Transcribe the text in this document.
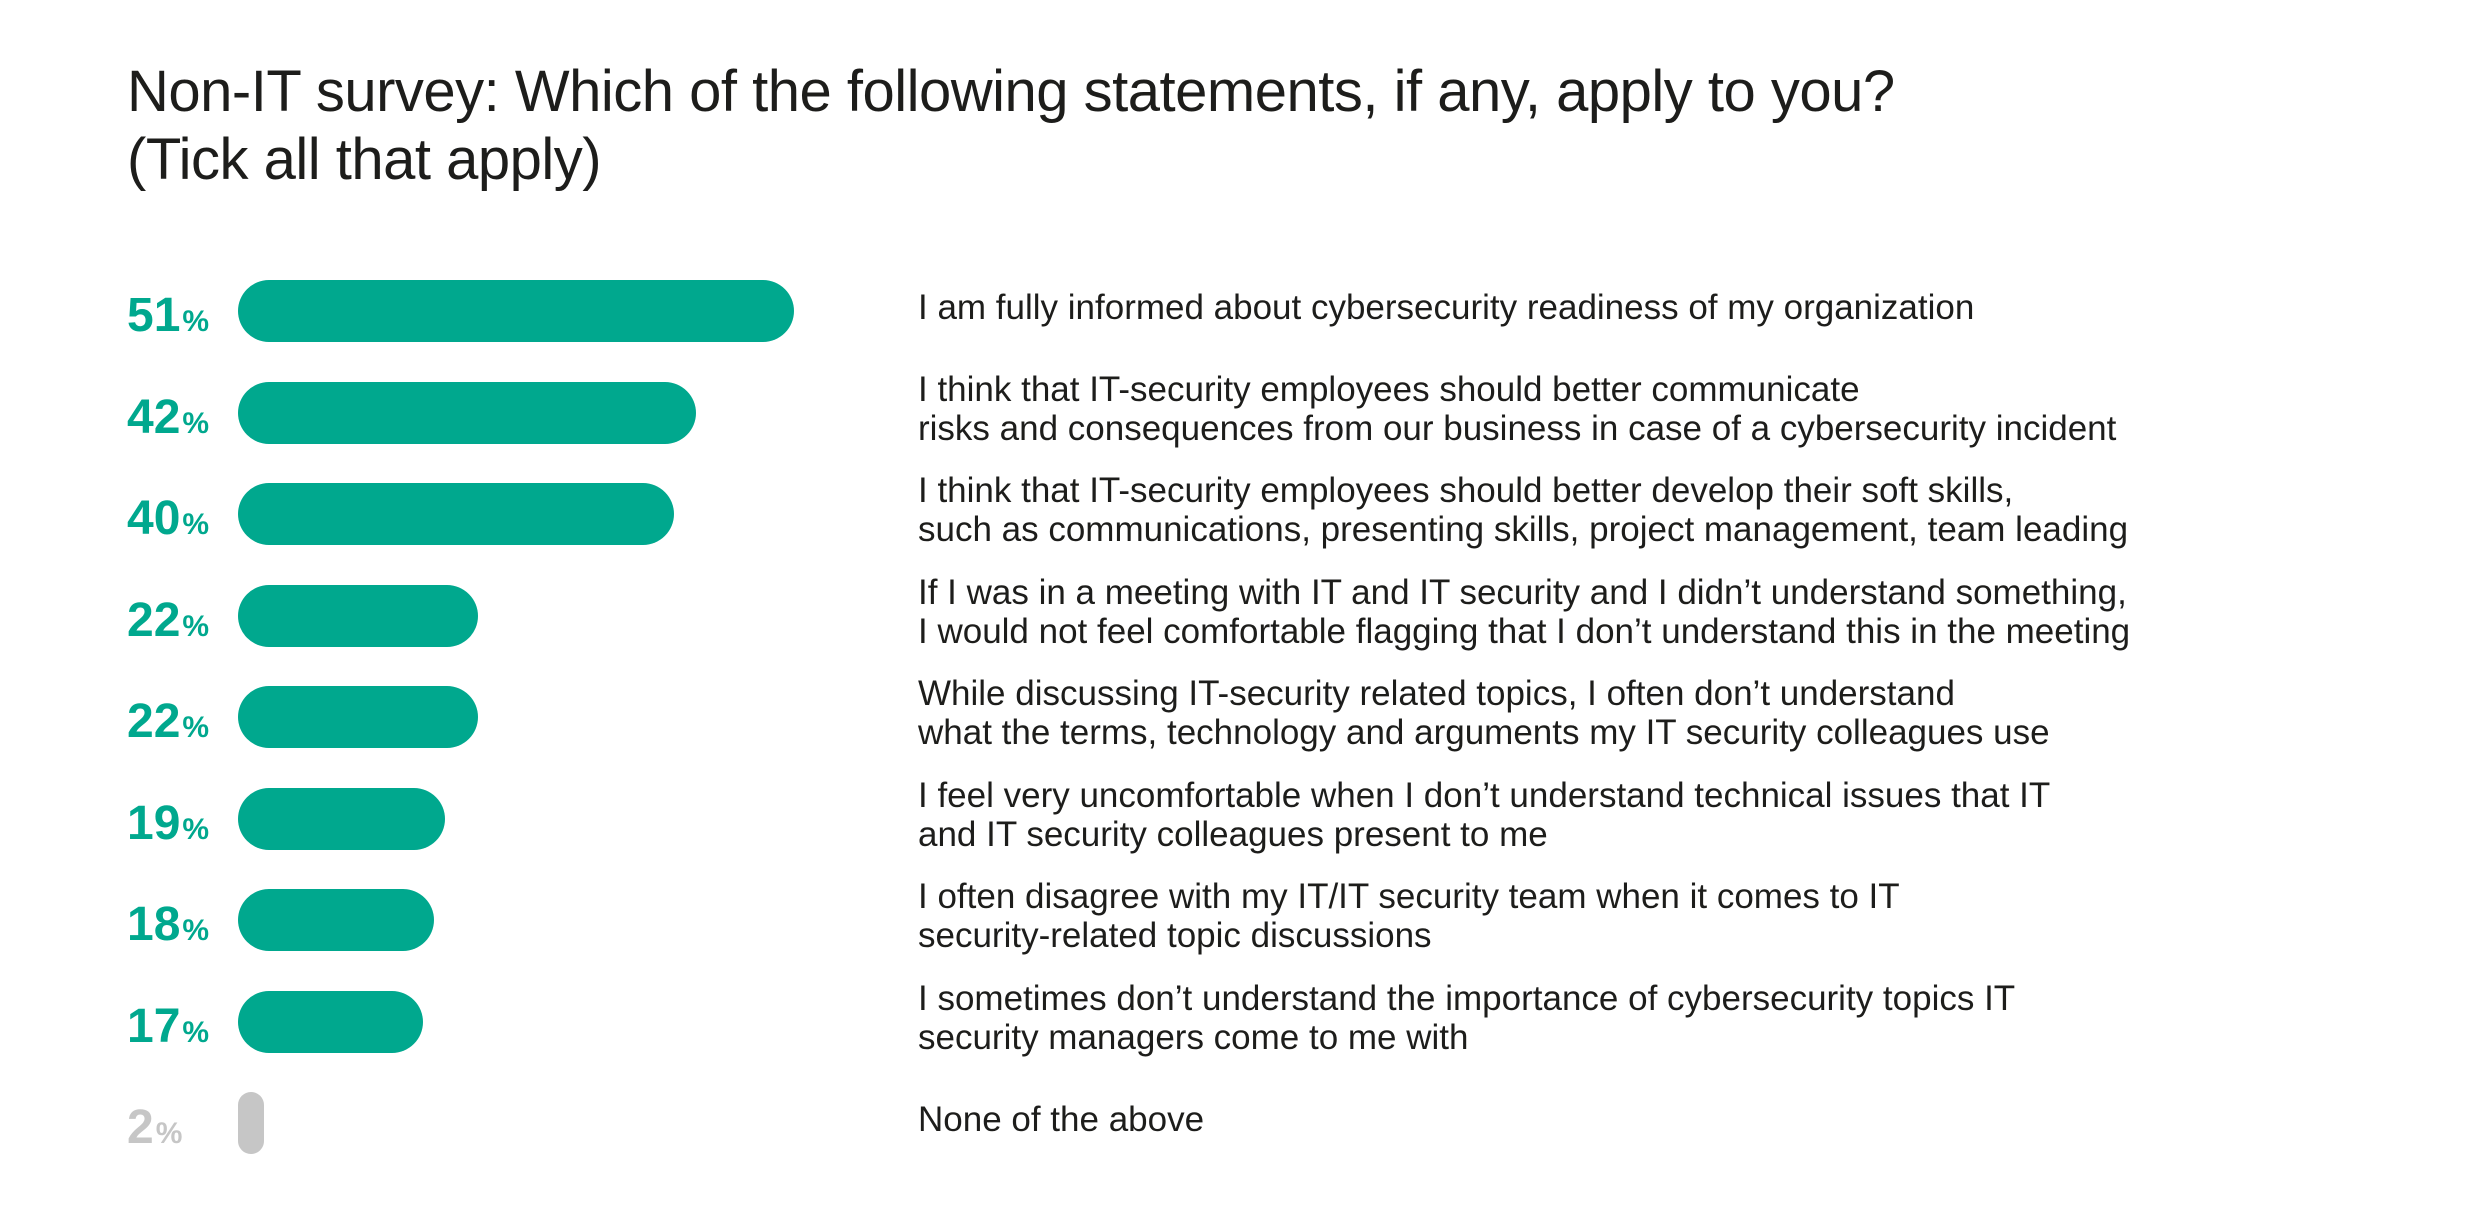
Non-IT survey: Which of the following statements, if any, apply to you?
(Tick all that apply)
51%	I am fully informed about cybersecurity readiness of my organization
42%
I think that IT-security employees should better communicate
risks and consequences from our business in case of a cybersecurity incident
40%
I think that IT-security employees should better develop their soft skills,
such as communications, presenting skills, project management, team leading
22%
If I was in a meeting with IT and IT security and I didn’t understand something,
I would not feel comfortable flagging that I don’t understand this in the meeting
22%
While discussing IT-security related topics, I often don’t understand
what the terms, technology and arguments my IT security colleagues use
19%
I feel very uncomfortable when I don’t understand technical issues that IT
and IT security colleagues present to me
18%
I often disagree with my IT/IT security team when it comes to IT
security-related topic discussions
17%
I sometimes don’t understand the importance of cybersecurity topics IT
security managers come to me with
2%	None of the above
